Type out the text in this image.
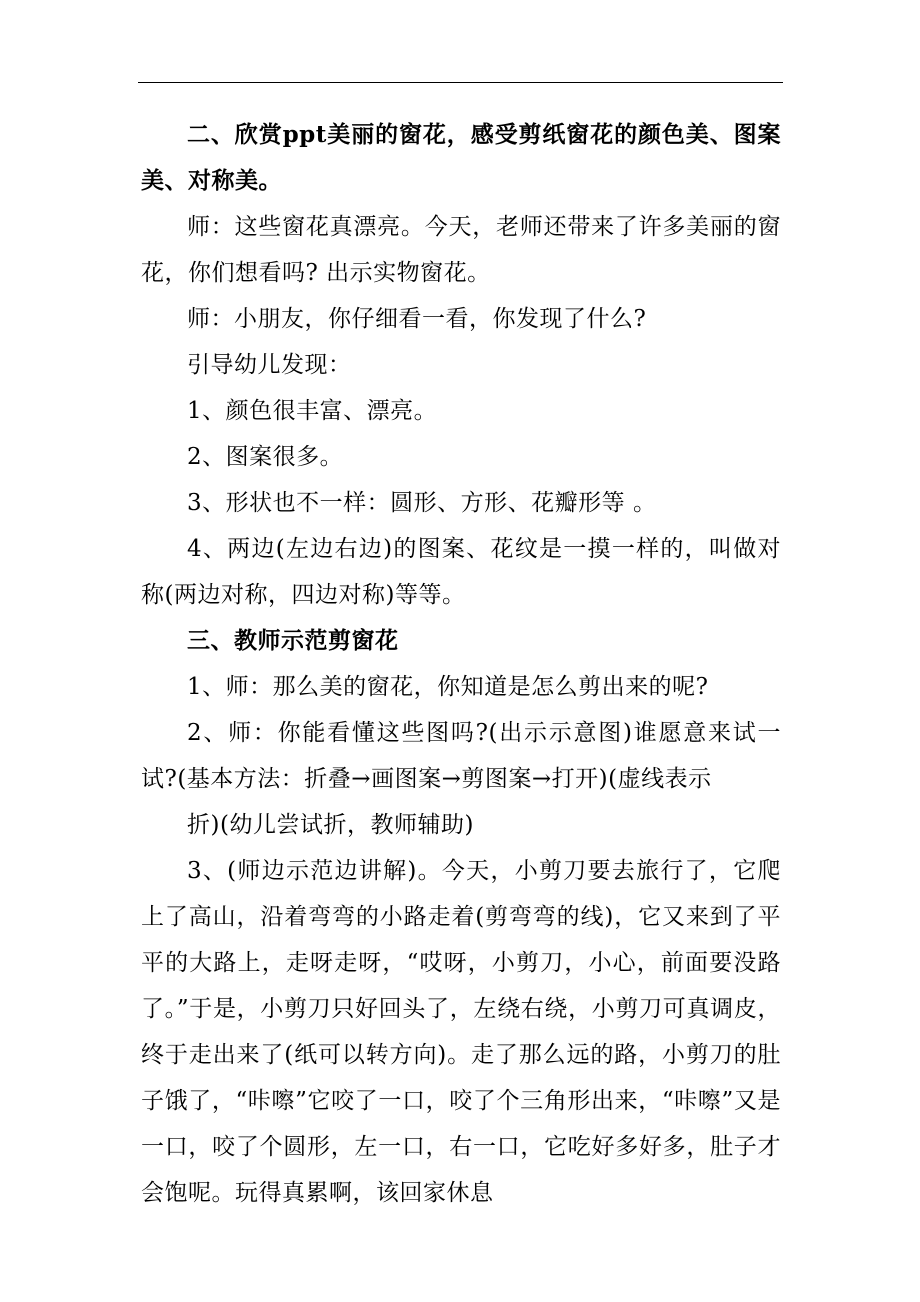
二、欣赏ppt美丽的窗花，感受剪纸窗花的颜色美、图案美、对称美。

师：这些窗花真漂亮。今天，老师还带来了许多美丽的窗花，你们想看吗? 出示实物窗花。

师：小朋友，你仔细看一看，你发现了什么?

引导幼儿发现：

1、颜色很丰富、漂亮。

2、图案很多。

3、形状也不一样：圆形、方形、花瓣形等 。

4、两边(左边右边)的图案、花纹是一摸一样的，叫做对称(两边对称，四边对称)等等。

三、教师示范剪窗花

1、师：那么美的窗花，你知道是怎么剪出来的呢?

2、师：你能看懂这些图吗?(出示示意图)谁愿意来试一试?(基本方法：折叠→画图案→剪图案→打开)(虚线表示

折)(幼儿尝试折，教师辅助)

3、(师边示范边讲解)。今天，小剪刀要去旅行了，它爬上了高山，沿着弯弯的小路走着(剪弯弯的线)，它又来到了平平的大路上，走呀走呀，“哎呀，小剪刀，小心，前面要没路了。”于是，小剪刀只好回头了，左绕右绕，小剪刀可真调皮，终于走出来了(纸可以转方向)。走了那么远的路，小剪刀的肚子饿了，“咔嚓”它咬了一口，咬了个三角形出来，“咔嚓”又是一口，咬了个圆形，左一口，右一口，它吃好多好多，肚子才会饱呢。玩得真累啊，该回家休息
